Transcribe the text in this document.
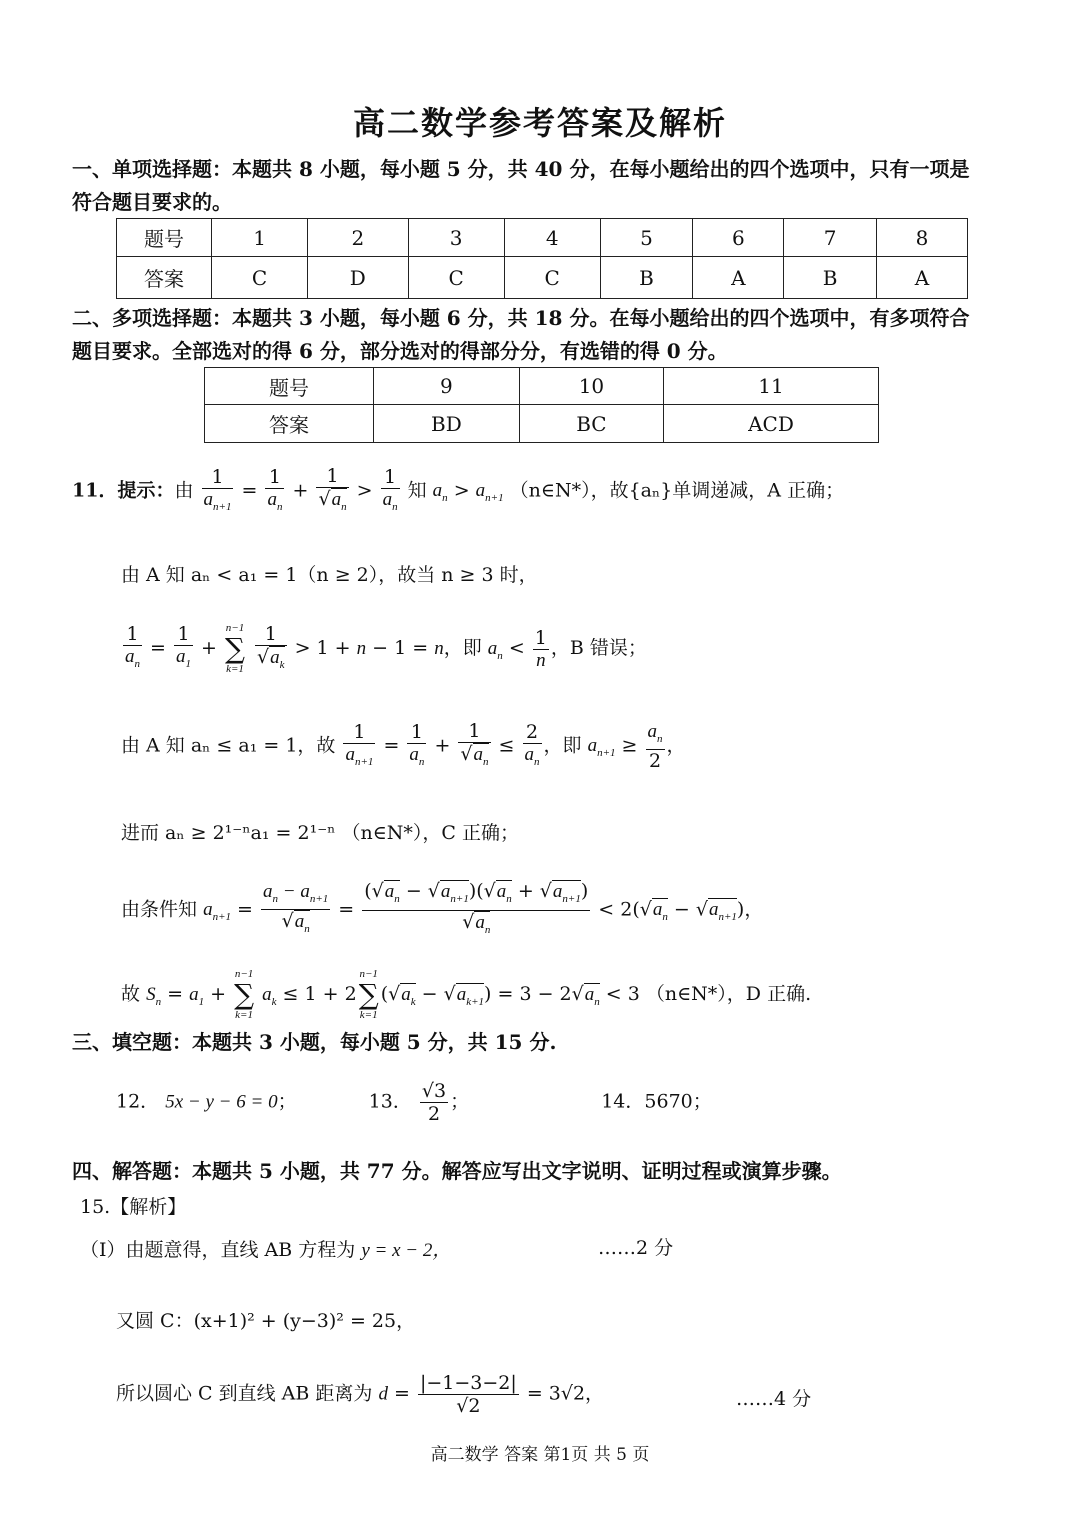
高二数学参考答案及解析
一、单项选择题：本题共 8 小题，每小题 5 分，共 40 分，在每小题给出的四个选项中，只有一项是
符合题目要求的。
题号	1	2	3	4	5	6	7	8
答案	C	D	C	C	B	A	B	A
二、多项选择题：本题共 3 小题，每小题 6 分，共 18 分。在每小题给出的四个选项中，有多项符合
题目要求。全部选对的得 6 分，部分选对的得部分分，有选错的得 0 分。
题号	9	10	11
答案	BD	BC	ACD
11．提示：由 $\frac{1}{a_{n+1}} = \frac{1}{a_n} + \frac{1}{√a_n} > \frac{1}{a_n}$ 知 $a_n > a_{n+1}$ （n∈N*），故{aₙ}单调递减，A 正确；
由 A 知 aₙ < a₁ = 1（n ≥ 2），故当 n ≥ 3 时，
$\frac{1}{a_n} = \frac{1}{a_1}$ +
n−1
∑
k=1
$\frac{1}{√a_k} > 1 + n - 1 = n$，即 $a_n < \frac{1}{n}$ ，B 错误；
由 A 知 aₙ ≤ a₁ = 1，故 $\frac{1}{a_{n+1}} = \frac{1}{a_n} + \frac{1}{√a_n} \le \frac{2}{a_n}$ ，即 $a_{n+1} \ge \frac{a_n}{2}$ ，
进而 aₙ ≥ 2¹⁻ⁿa₁ = 2¹⁻ⁿ （n∈N*），C 正确；
由条件知 $a_{n+1} = \frac{a_n - a_{n+1}}{√a_n} = \frac{(√a_n - √a_{n+1})(√a_n + √a_{n+1})}{√a_n} < 2(√a_n - √a_{n+1})$，
故 $S_n = a_1$ +
n−1
∑
k=1
$a_k \le 1 + 2$
n−1
∑
k=1
$(√a_k - √a_{k+1}) = 3 - 2√a_n < 3$ （n∈N*），D 正确.
三、填空题：本题共 3 小题，每小题 5 分，共 15 分.
12． 5x − y − 6 = 0；	13． $\frac{√3}{2}$ ；	14．5670；
四、解答题：本题共 5 小题，共 77 分。解答应写出文字说明、证明过程或演算步骤。
15.【解析】
（I）由题意得，直线 AB 方程为 y = x − 2，	……2 分
又圆 C：(x+1)² + (y−3)² = 25，
所以圆心 C 到直线 AB 距离为 $d = \frac{|-1-3-2|}{√2} = 3√2$，	……4 分
高二数学 答案 第1页 共 5 页
